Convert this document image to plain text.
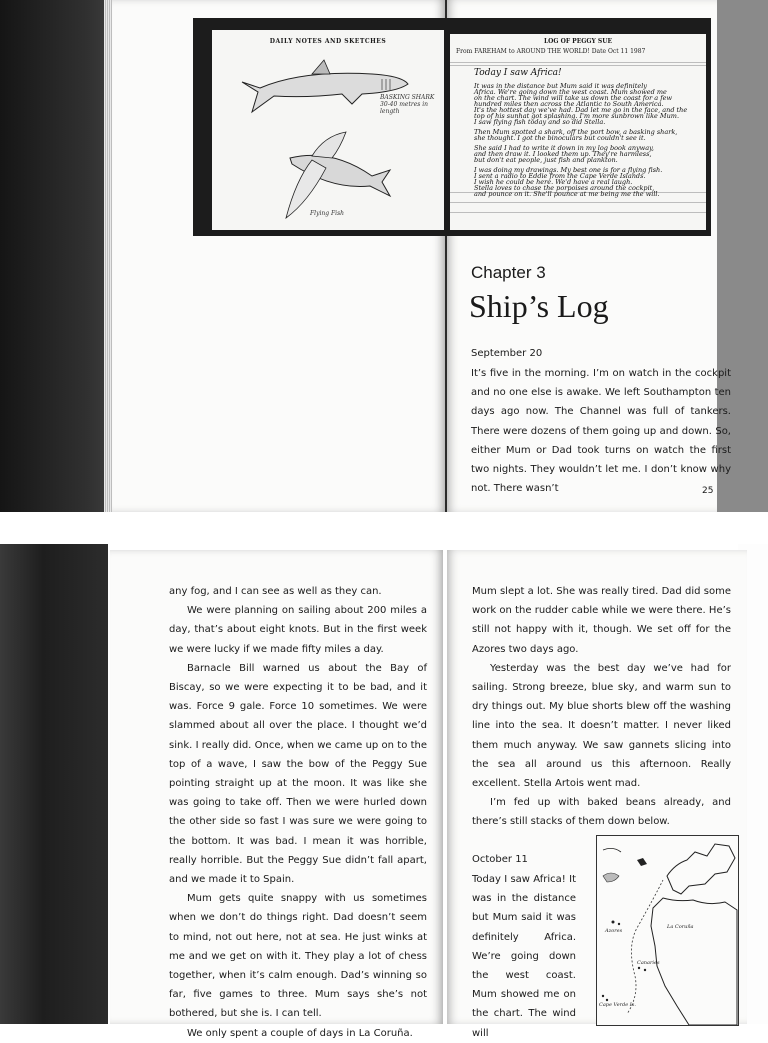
DAILY NOTES AND SKETCHES
BASKING SHARK 30-40 metres in length
Flying Fish
LOG OF PEGGY SUE
From FAREHAM to AROUND THE WORLD! Date Oct 11 1987
Today I saw Africa!
It was in the distance but Mum said it was definitely
Africa. We're going down the west coast. Mum showed me
on the chart. The wind will take us down the coast for a few
hundred miles then across the Atlantic to South America.
It's the hottest day we've had. Dad let me go in the face, and the
top of his sunhat got splashing. I'm more sunbrown like Mum.
I saw flying fish today and so did Stella.
Then Mum spotted a shark, off the port bow, a basking shark,
she thought. I got the binoculars but couldn't see it.
She said I had to write it down in my log book anyway,
and then draw it. I looked them up. They're harmless,
but don't eat people, just fish and plankton.
I was doing my drawings. My best one is for a flying fish.
I sent a radio to Eddie from the Cape Verde Islands.
I wish he could be here. We'd have a real laugh.
Stella loves to chase the porpoises around the cockpit,
and pounce on it. She'll pounce at me being me the will.
Chapter 3
Ship’s Log
September 20

It’s five in the morning. I’m on watch in the cockpit and no one else is awake. We left Southampton ten days ago now. The Channel was full of tankers. There were dozens of them going up and down. So, either Mum or Dad took turns on watch the first two nights. They wouldn’t let me. I don’t know why not. There wasn’t	25

any fog, and I can see as well as they can.

We were planning on sailing about 200 miles a day, that’s about eight knots. But in the first week we were lucky if we made fifty miles a day.

Barnacle Bill warned us about the Bay of Biscay, so we were expecting it to be bad, and it was. Force 9 gale. Force 10 sometimes. We were slammed about all over the place. I thought we’d sink. I really did. Once, when we came up on to the top of a wave, I saw the bow of the Peggy Sue pointing straight up at the moon. It was like she was going to take off. Then we were hurled down the other side so fast I was sure we were going to the bottom. It was bad. I mean it was horrible, really horrible. But the Peggy Sue didn’t fall apart, and we made it to Spain.

Mum gets quite snappy with us sometimes when we don’t do things right. Dad doesn’t seem to mind, not out here, not at sea. He just winks at me and we get on with it. They play a lot of chess together, when it’s calm enough. Dad’s winning so far, five games to three. Mum says she’s not bothered, but she is. I can tell.

We only spent a couple of days in La Coruña.

Mum slept a lot. She was really tired. Dad did some work on the rudder cable while we were there. He’s still not happy with it, though. We set off for the Azores two days ago.

Yesterday was the best day we’ve had for sailing. Strong breeze, blue sky, and warm sun to dry things out. My blue shorts blew off the washing line into the sea. It doesn’t matter. I never liked them much anyway. We saw gannets slicing into the sea all around us this afternoon. Really excellent. Stella Artois went mad.

I’m fed up with baked beans already, and there’s still stacks of them down below.

October 11

Today I saw Africa! It was in the distance but Mum said it was definitely Africa. We’re going down the west coast. Mum showed me on the chart. The wind will

Azores
La Coruña
Canaries
Cape Verde Is.
